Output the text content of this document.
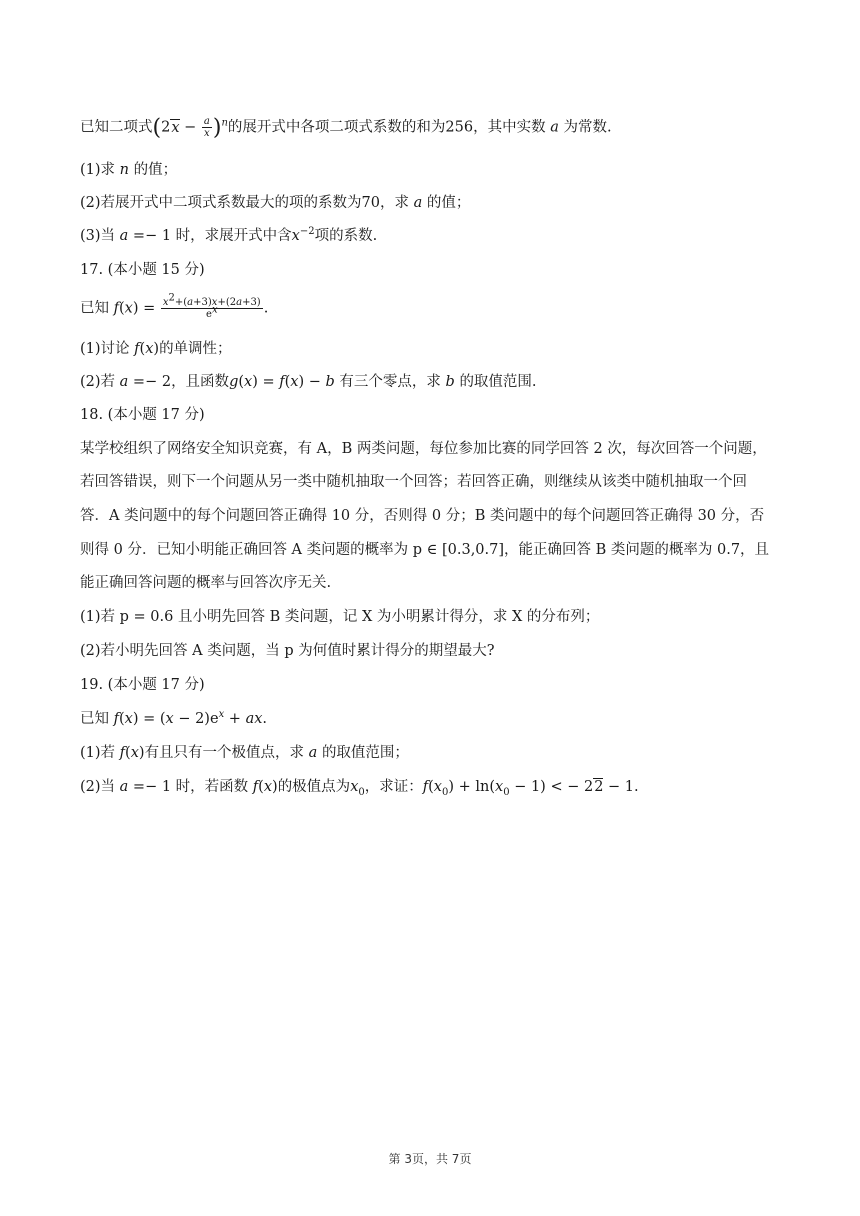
已知二项式$(2x - \frac{a}{x} )^n$的展开式中各项二项式系数的和为256，其中实数 a 为常数.
(1)求 n 的值；
(2)若展开式中二项式系数最大的项的系数为70，求 a 的值；
(3)当 a =− 1 时，求展开式中含$x^{-2}$项的系数.
17. (本小题 15 分)
已知 $f(x) = \frac{x^2+(a+3)x+(2a+3)}{e^x}$ .
(1)讨论 f(x)的单调性；
(2)若 a =− 2，且函数g(x) = f(x) − b 有三个零点，求 b 的取值范围.
18. (本小题 17 分)
某学校组织了网络安全知识竞赛，有 A，B 两类问题，每位参加比赛的同学回答 2 次，每次回答一个问题，
若回答错误，则下一个问题从另一类中随机抽取一个回答；若回答正确，则继续从该类中随机抽取一个回
答．A 类问题中的每个问题回答正确得 10 分，否则得 0 分；B 类问题中的每个问题回答正确得 30 分，否
则得 0 分．已知小明能正确回答 A 类问题的概率为 p ∈ [0.3,0.7]，能正确回答 B 类问题的概率为 0.7，且
能正确回答问题的概率与回答次序无关.
(1)若 p = 0.6 且小明先回答 B 类问题，记 X 为小明累计得分，求 X 的分布列；
(2)若小明先回答 A 类问题，当 p 为何值时累计得分的期望最大?
19. (本小题 17 分)
已知 $f(x) = (x - 2)e^x$ + ax.
(1)若 f(x)有且只有一个极值点，求 a 的取值范围；
(2)当 a =− 1 时，若函数 f(x)的极值点为$x_0$，求证：$f(x_0) + \ln(x_0 - 1)$ < − 22 − 1.
第 3页，共 7页
